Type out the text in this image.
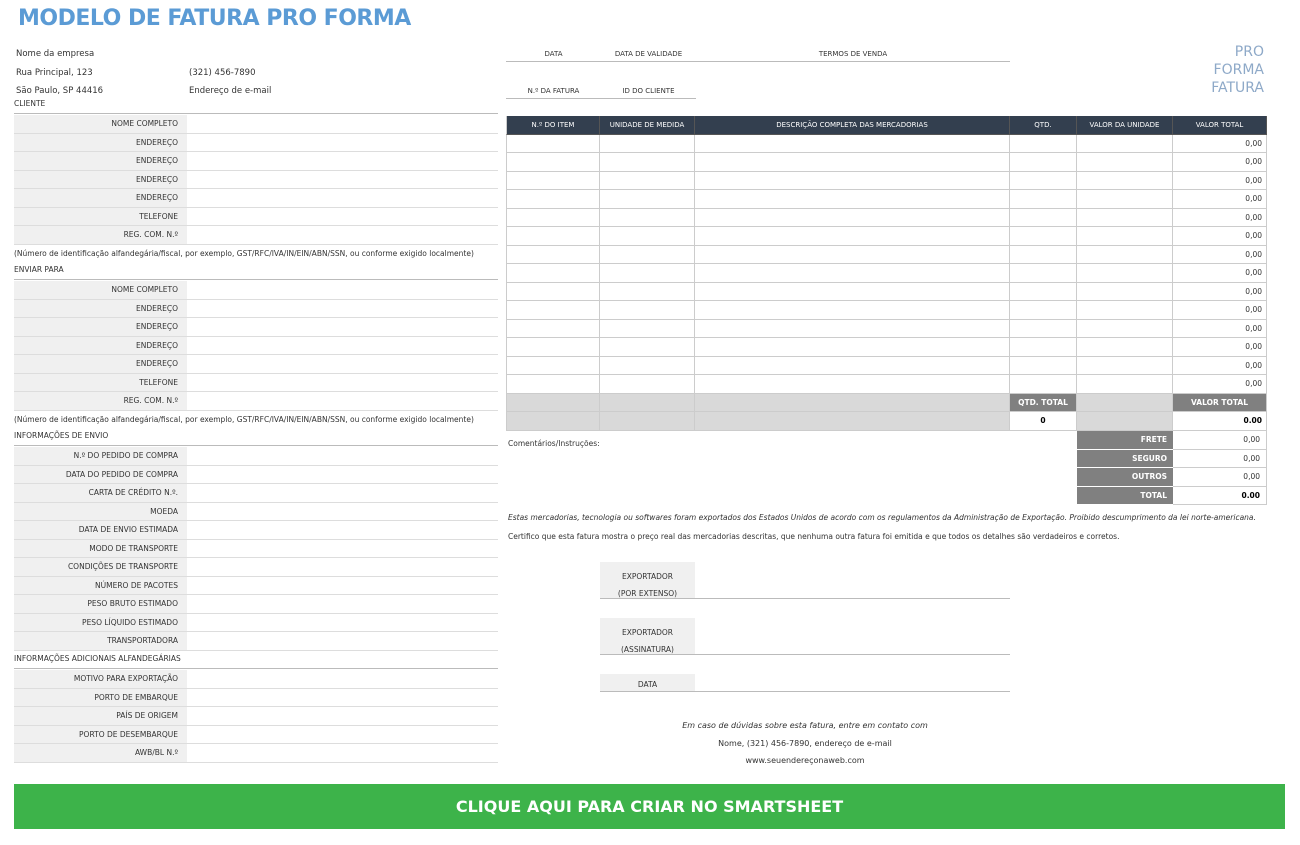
MODELO DE FATURA PRO FORMA
Nome da empresa
Rua Principal, 123
São Paulo, SP 44416
(321) 456-7890
Endereço de e-mail
DATA	DATA DE VALIDADE	TERMOS DE VENDA
N.º DA FATURA	ID DO CLIENTE
PRO
FORMA
FATURA
CLIENTE
NOME COMPLETO
ENDEREÇO
ENDEREÇO
ENDEREÇO
ENDEREÇO
TELEFONE
REG. COM. N.º
(Número de identificação alfandegária/fiscal, por exemplo, GST/RFC/IVA/IN/EIN/ABN/SSN, ou conforme exigido localmente)
ENVIAR PARA
NOME COMPLETO
ENDEREÇO
ENDEREÇO
ENDEREÇO
ENDEREÇO
TELEFONE
REG. COM. N.º
(Número de identificação alfandegária/fiscal, por exemplo, GST/RFC/IVA/IN/EIN/ABN/SSN, ou conforme exigido localmente)
INFORMAÇÕES DE ENVIO
N.º DO PEDIDO DE COMPRA
DATA DO PEDIDO DE COMPRA
CARTA DE CRÉDITO N.º.
MOEDA
DATA DE ENVIO ESTIMADA
MODO DE TRANSPORTE
CONDIÇÕES DE TRANSPORTE
NÚMERO DE PACOTES
PESO BRUTO ESTIMADO
PESO LÍQUIDO ESTIMADO
TRANSPORTADORA
INFORMAÇÕES ADICIONAIS ALFANDEGÁRIAS
MOTIVO PARA EXPORTAÇÃO
PORTO DE EMBARQUE
PAÍS DE ORIGEM
PORTO DE DESEMBARQUE
AWB/BL N.º
N.º DO ITEM	UNIDADE DE MEDIDA	DESCRIÇÃO COMPLETA DAS MERCADORIAS	QTD.	VALOR DA UNIDADE	VALOR TOTAL
0,00
0,00
0,00
0,00
0,00
0,00
0,00
0,00
0,00
0,00
0,00
0,00
0,00
0,00
QTD. TOTAL	VALOR TOTAL
0	0.00
Comentários/Instruções:	FRETE	0,00
SEGURO	0,00
OUTROS	0,00
TOTAL	0.00
Estas mercadorias, tecnologia ou softwares foram exportados dos Estados Unidos de acordo com os regulamentos da Administração de Exportação. Proibido descumprimento da lei norte-americana.
Certifico que esta fatura mostra o preço real das mercadorias descritas, que nenhuma outra fatura foi emitida e que todos os detalhes são verdadeiros e corretos.
EXPORTADOR
(POR EXTENSO)
EXPORTADOR
(ASSINATURA)
DATA
Em caso de dúvidas sobre esta fatura, entre em contato com
Nome, (321) 456-7890, endereço de e-mail
www.seuendereçonaweb.com
CLIQUE AQUI PARA CRIAR NO SMARTSHEET
